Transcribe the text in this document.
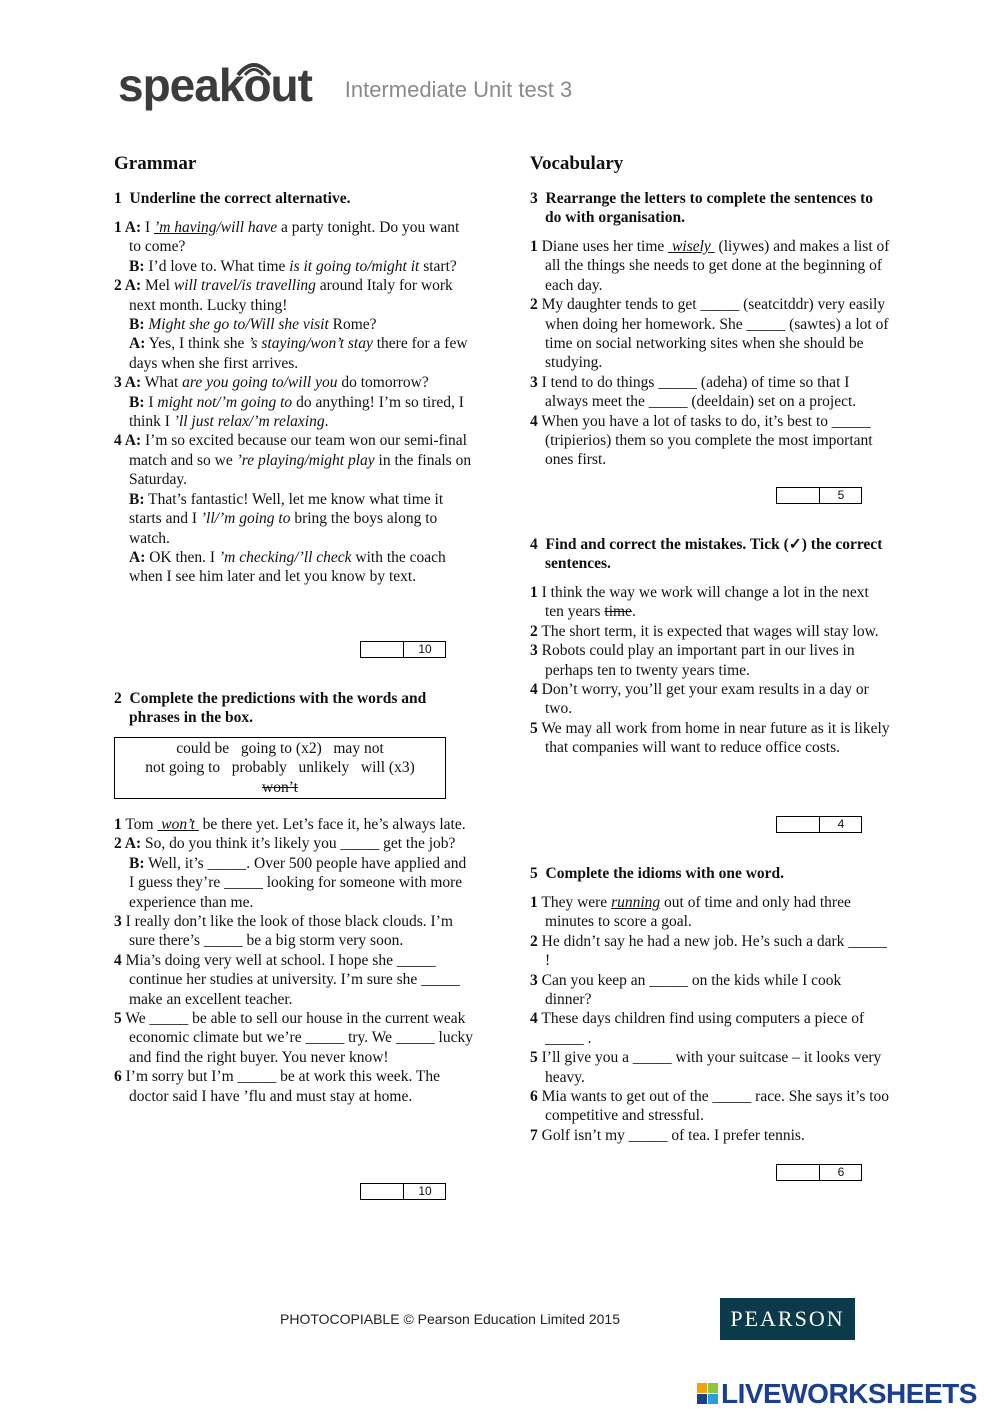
speakout Intermediate Unit test 3
Grammar
1 Underline the correct alternative.

1 A: I ’m having/will have a party tonight. Do you want to come?

B: I’d love to. What time is it going to/might it start?

2 A: Mel will travel/is travelling around Italy for work next month. Lucky thing!

B: Might she go to/Will she visit Rome?

A: Yes, I think she ’s staying/won’t stay there for a few days when she first arrives.

3 A: What are you going to/will you do tomorrow?

B: I might not/’m going to do anything! I’m so tired, I think I ’ll just relax/’m relaxing.

4 A: I’m so excited because our team won our semi-final match and so we ’re playing/might play in the finals on Saturday.

B: That’s fantastic! Well, let me know what time it starts and I ’ll/’m going to bring the boys along to watch.

A: OK then. I ’m checking/’ll check with the coach when I see him later and let you know by text.

10
2 Complete the predictions with the words and phrases in the box.
could be   going to (x2)   may not
not going to   probably   unlikely   will (x3)
won’t

1 Tom  won’t  be there yet. Let’s face it, he’s always late.

2 A: So, do you think it’s likely you _____ get the job?

B: Well, it’s _____. Over 500 people have applied and I guess they’re _____ looking for someone with more experience than me.

3 I really don’t like the look of those black clouds. I’m sure there’s _____ be a big storm very soon.

4 Mia’s doing very well at school. I hope she _____ continue her studies at university. I’m sure she _____ make an excellent teacher.

5 We _____ be able to sell our house in the current weak economic climate but we’re _____ try. We _____ lucky and find the right buyer. You never know!

6 I’m sorry but I’m _____ be at work this week. The doctor said I have ’flu and must stay at home.

10
Vocabulary
3 Rearrange the letters to complete the sentences to do with organisation.

1 Diane uses her time  wisely  (liywes) and makes a list of all the things she needs to get done at the beginning of each day.

2 My daughter tends to get _____ (seatcitddr) very easily when doing her homework. She _____ (sawtes) a lot of time on social networking sites when she should be studying.

3 I tend to do things _____ (adeha) of time so that I always meet the _____ (deeldain) set on a project.

4 When you have a lot of tasks to do, it’s best to _____ (tripierios) them so you complete the most important ones first.

5
4 Find and correct the mistakes. Tick (✓) the correct sentences.

1 I think the way we work will change a lot in the next ten years time.

2 The short term, it is expected that wages will stay low.

3 Robots could play an important part in our lives in perhaps ten to twenty years time.

4 Don’t worry, you’ll get your exam results in a day or two.

5 We may all work from home in near future as it is likely that companies will want to reduce office costs.

4
5 Complete the idioms with one word.

1 They were running out of time and only had three minutes to score a goal.

2 He didn’t say he had a new job. He’s such a dark _____ !

3 Can you keep an _____ on the kids while I cook dinner?

4 These days children find using computers a piece of _____ .

5 I’ll give you a _____ with your suitcase – it looks very heavy.

6 Mia wants to get out of the _____ race. She says it’s too competitive and stressful.

7 Golf isn’t my _____ of tea. I prefer tennis.

6
PHOTOCOPIABLE © Pearson Education Limited 2015	PEARSON
LIVEWORKSHEETS
